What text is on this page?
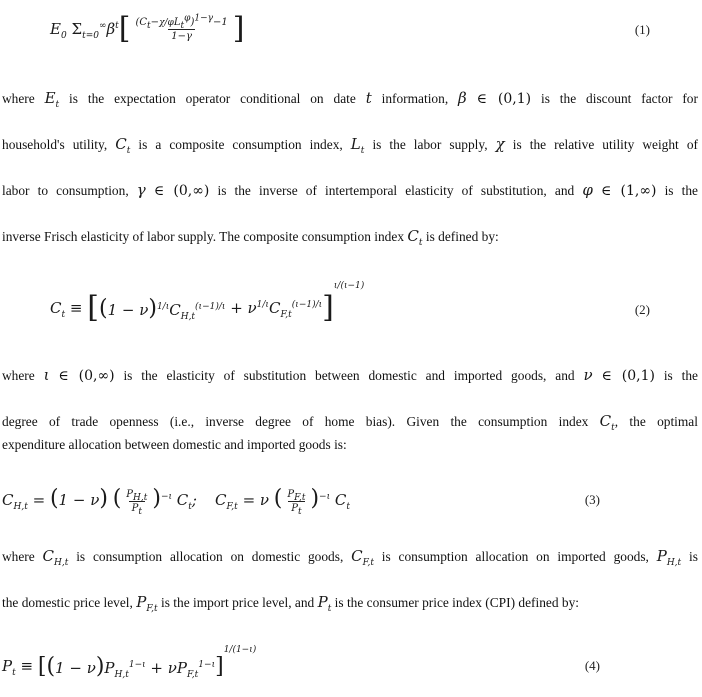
$E_0$ $\Sigma_{t=0}^\infty\beta^t$ [ $\frac{(C_t-\chi/\varphi L_t^\varphi)^{1-\gamma}-1}{1-\gamma}$ ]	(1)
where $E_t$ is the expectation operator conditional on date t information, β ∈ (0,1) is the discount factor for
household's utility, $C_t$ is a composite consumption index, $L_t$ is the labor supply, χ is the relative utility weight of
labor to consumption, γ ∈ (0,∞) is the inverse of intertemporal elasticity of substitution, and φ ∈ (1,∞) is the
inverse Frisch elasticity of labor supply. The composite consumption index $C_t$ is defined by:
$C_t$ ≡ [ $(1 - \nu)^{1/\iota}C_{H,t}^{(\iota-1)/\iota} + \nu^{1/\iota}C_{F,t}^{(\iota-1)/\iota}$ ]
ι/(ι−1)
(2)
where ι ∈ (0,∞) is the elasticity of substitution between domestic and imported goods, and ν ∈ (0,1) is the
degree of trade openness (i.e., inverse degree of home bias). Given the consumption index $C_t$, the optimal
expenditure allocation between domestic and imported goods is:
$C_{H,t} = (1 - \nu)$ ( $\frac{P_{H,t}}{P_t} )^{-\iota}$ $C_t$; $C_{F,t} = \nu$ ( $\frac{P_{F,t}}{P_t} )^{-\iota}$ $C_t$
(3)
where $C_{H,t}$ is consumption allocation on domestic goods, $C_{F,t}$ is consumption allocation on imported goods, $P_{H,t}$ is
the domestic price level, $P_{F,t}$ is the import price level, and $P_t$ is the consumer price index (CPI) defined by:
$P_t$ ≡ [ $(1 - \nu)P_{H,t}^{1-\iota} + \nu P_{F,t}^{1-\iota}$ ]
1/(1−ι)
(4)
